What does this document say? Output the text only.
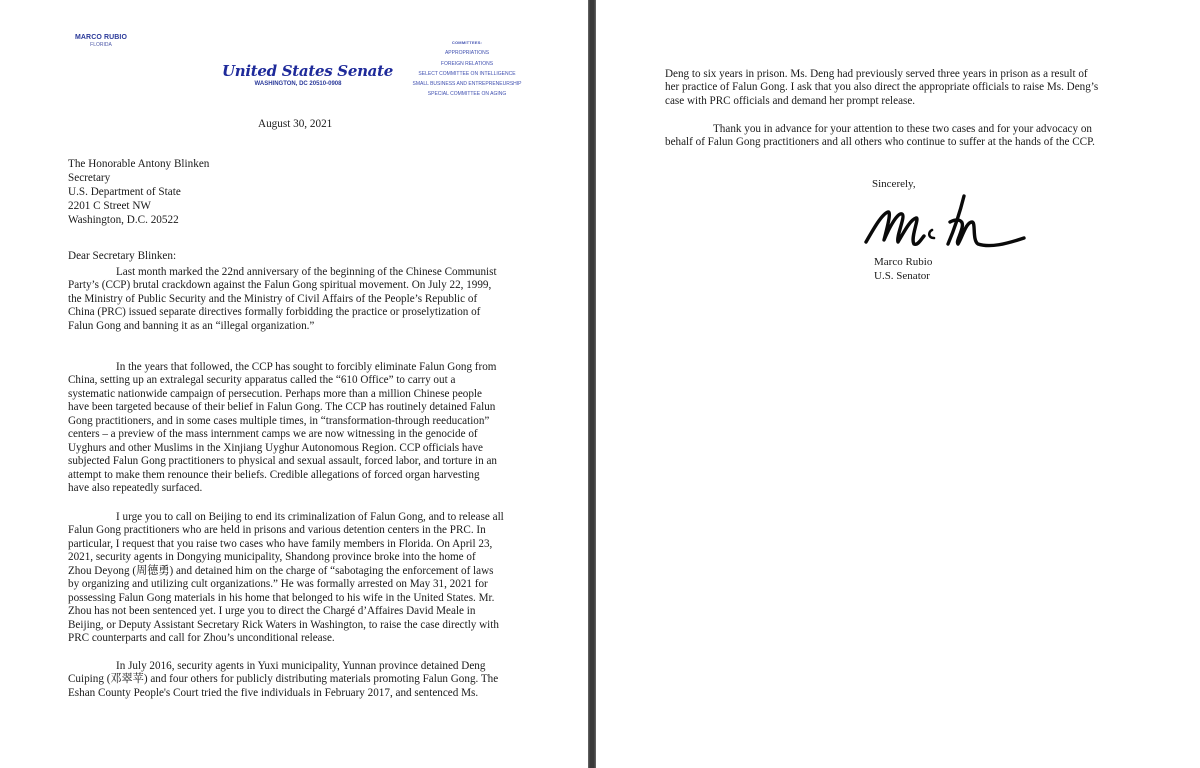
MARCO RUBIO
FLORIDA
United States Senate
WASHINGTON, DC 20510-0908
COMMITTEES:
APPROPRIATIONS
FOREIGN RELATIONS
SELECT COMMITTEE ON INTELLIGENCE
SMALL BUSINESS AND ENTREPRENEURSHIP
SPECIAL COMMITTEE ON AGING
August 30, 2021
The Honorable Antony Blinken
Secretary
U.S. Department of State
2201 C Street NW
Washington, D.C. 20522
Dear Secretary Blinken:
Last month marked the 22nd anniversary of the beginning of the Chinese Communist
Party’s (CCP) brutal crackdown against the Falun Gong spiritual movement. On July 22, 1999,
the Ministry of Public Security and the Ministry of Civil Affairs of the People’s Republic of
China (PRC) issued separate directives formally forbidding the practice or proselytization of
Falun Gong and banning it as an “illegal organization.”
In the years that followed, the CCP has sought to forcibly eliminate Falun Gong from
China, setting up an extralegal security apparatus called the “610 Office” to carry out a
systematic nationwide campaign of persecution. Perhaps more than a million Chinese people
have been targeted because of their belief in Falun Gong. The CCP has routinely detained Falun
Gong practitioners, and in some cases multiple times, in “transformation-through reeducation”
centers – a preview of the mass internment camps we are now witnessing in the genocide of
Uyghurs and other Muslims in the Xinjiang Uyghur Autonomous Region. CCP officials have
subjected Falun Gong practitioners to physical and sexual assault, forced labor, and torture in an
attempt to make them renounce their beliefs. Credible allegations of forced organ harvesting
have also repeatedly surfaced.
I urge you to call on Beijing to end its criminalization of Falun Gong, and to release all
Falun Gong practitioners who are held in prisons and various detention centers in the PRC. In
particular, I request that you raise two cases who have family members in Florida. On April 23,
2021, security agents in Dongying municipality, Shandong province broke into the home of
Zhou Deyong (周德勇) and detained him on the charge of “sabotaging the enforcement of laws
by organizing and utilizing cult organizations.” He was formally arrested on May 31, 2021 for
possessing Falun Gong materials in his home that belonged to his wife in the United States. Mr.
Zhou has not been sentenced yet. I urge you to direct the Chargé d’Affaires David Meale in
Beijing, or Deputy Assistant Secretary Rick Waters in Washington, to raise the case directly with
PRC counterparts and call for Zhou’s unconditional release.
In July 2016, security agents in Yuxi municipality, Yunnan province detained Deng
Cuiping (邓翠苹) and four others for publicly distributing materials promoting Falun Gong. The
Eshan County People's Court tried the five individuals in February 2017, and sentenced Ms.
Deng to six years in prison. Ms. Deng had previously served three years in prison as a result of
her practice of Falun Gong. I ask that you also direct the appropriate officials to raise Ms. Deng’s
case with PRC officials and demand her prompt release.
Thank you in advance for your attention to these two cases and for your advocacy on
behalf of Falun Gong practitioners and all others who continue to suffer at the hands of the CCP.
Sincerely,
Marco Rubio
U.S. Senator
